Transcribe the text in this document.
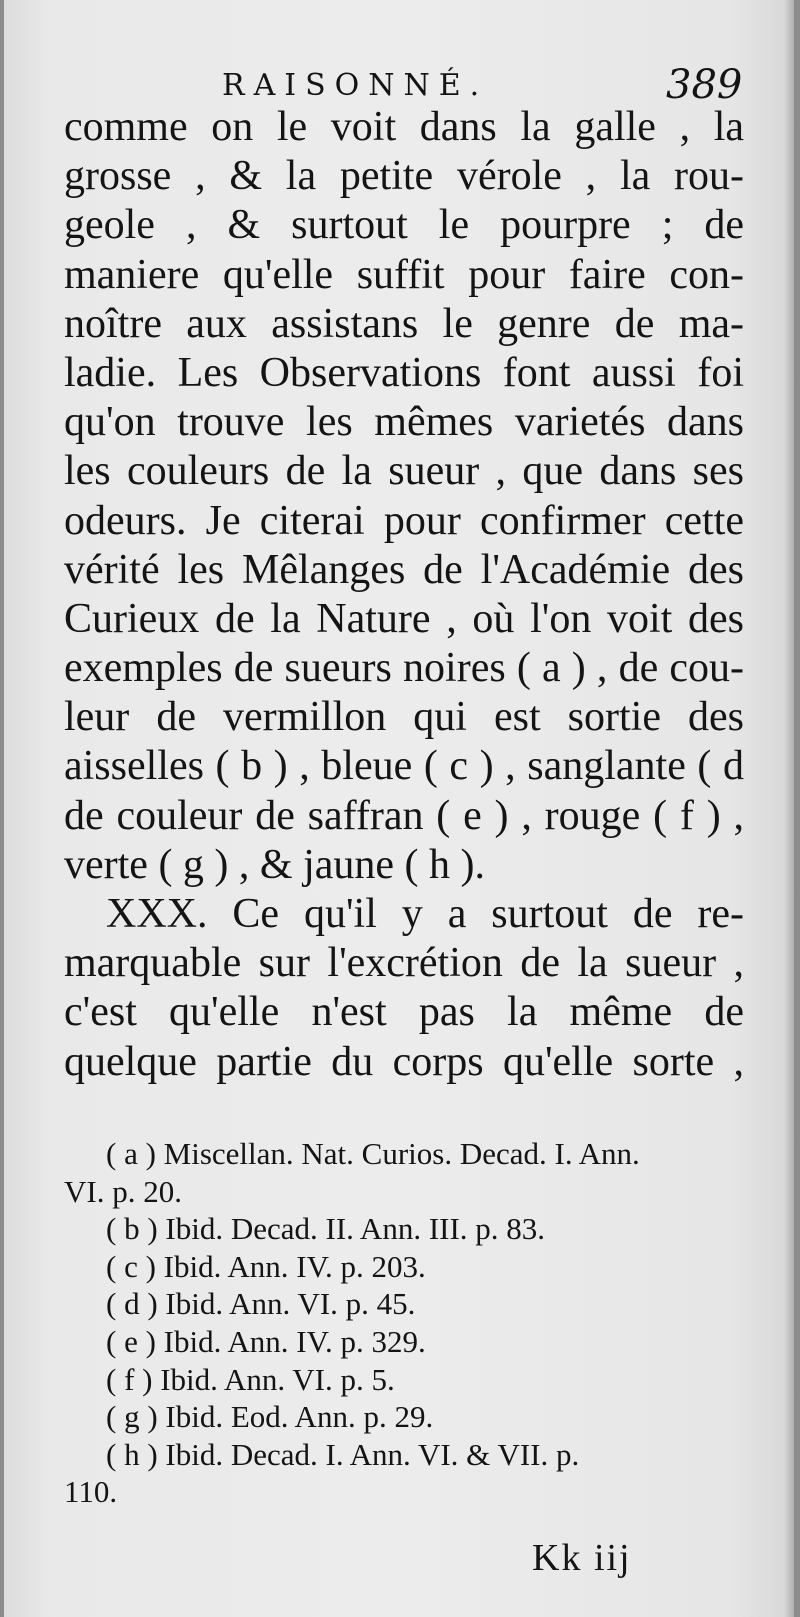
RAISONNÉ.	389
comme on le voit dans la galle , la
grosse , & la petite vérole , la rou-
geole , & surtout le pourpre ; de
maniere qu'elle suffit pour faire con-
noître aux assistans le genre de ma-
ladie. Les Observations font aussi foi
qu'on trouve les mêmes varietés dans
les couleurs de la sueur , que dans ses
odeurs. Je citerai pour confirmer cette
vérité les Mêlanges de l'Académie des
Curieux de la Nature , où l'on voit des
exemples de sueurs noires ( a ) , de cou-
leur de vermillon qui est sortie des
aisselles ( b ) , bleue ( c ) , sanglante ( d
de couleur de saffran ( e ) , rouge ( f ) ,
verte ( g ) , & jaune ( h ).
XXX. Ce qu'il y a surtout de re-
marquable sur l'excrétion de la sueur ,
c'est qu'elle n'est pas la même de
quelque partie du corps qu'elle sorte ,
( a ) Miscellan. Nat. Curios. Decad. I. Ann.
VI. p. 20.
( b ) Ibid. Decad. II. Ann. III. p. 83.
( c ) Ibid. Ann. IV. p. 203.
( d ) Ibid. Ann. VI. p. 45.
( e ) Ibid. Ann. IV. p. 329.
( f ) Ibid. Ann. VI. p. 5.
( g ) Ibid. Eod. Ann. p. 29.
( h ) Ibid. Decad. I. Ann. VI. & VII. p.
110.
Kk iij
